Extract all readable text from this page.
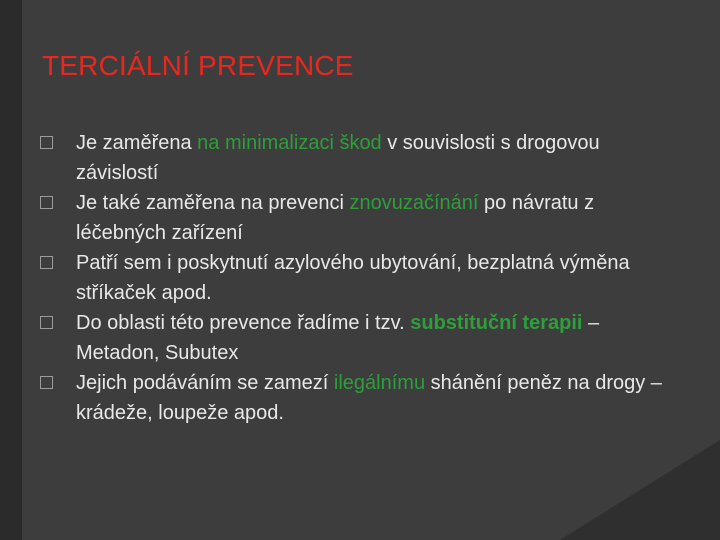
TERCIÁLNÍ PREVENCE
Je zaměřena na minimalizaci škod v souvislosti s drogovou závislostí
Je také zaměřena na prevenci znovuzačínání po návratu z léčebných zařízení
Patří sem i poskytnutí azylového ubytování, bezplatná výměna stříkaček apod.
Do oblasti této prevence řadíme i tzv. substituční terapii – Metadon, Subutex
Jejich podáváním se zamezí ilegálnímu shánění peněz na drogy – krádeže, loupeže apod.
